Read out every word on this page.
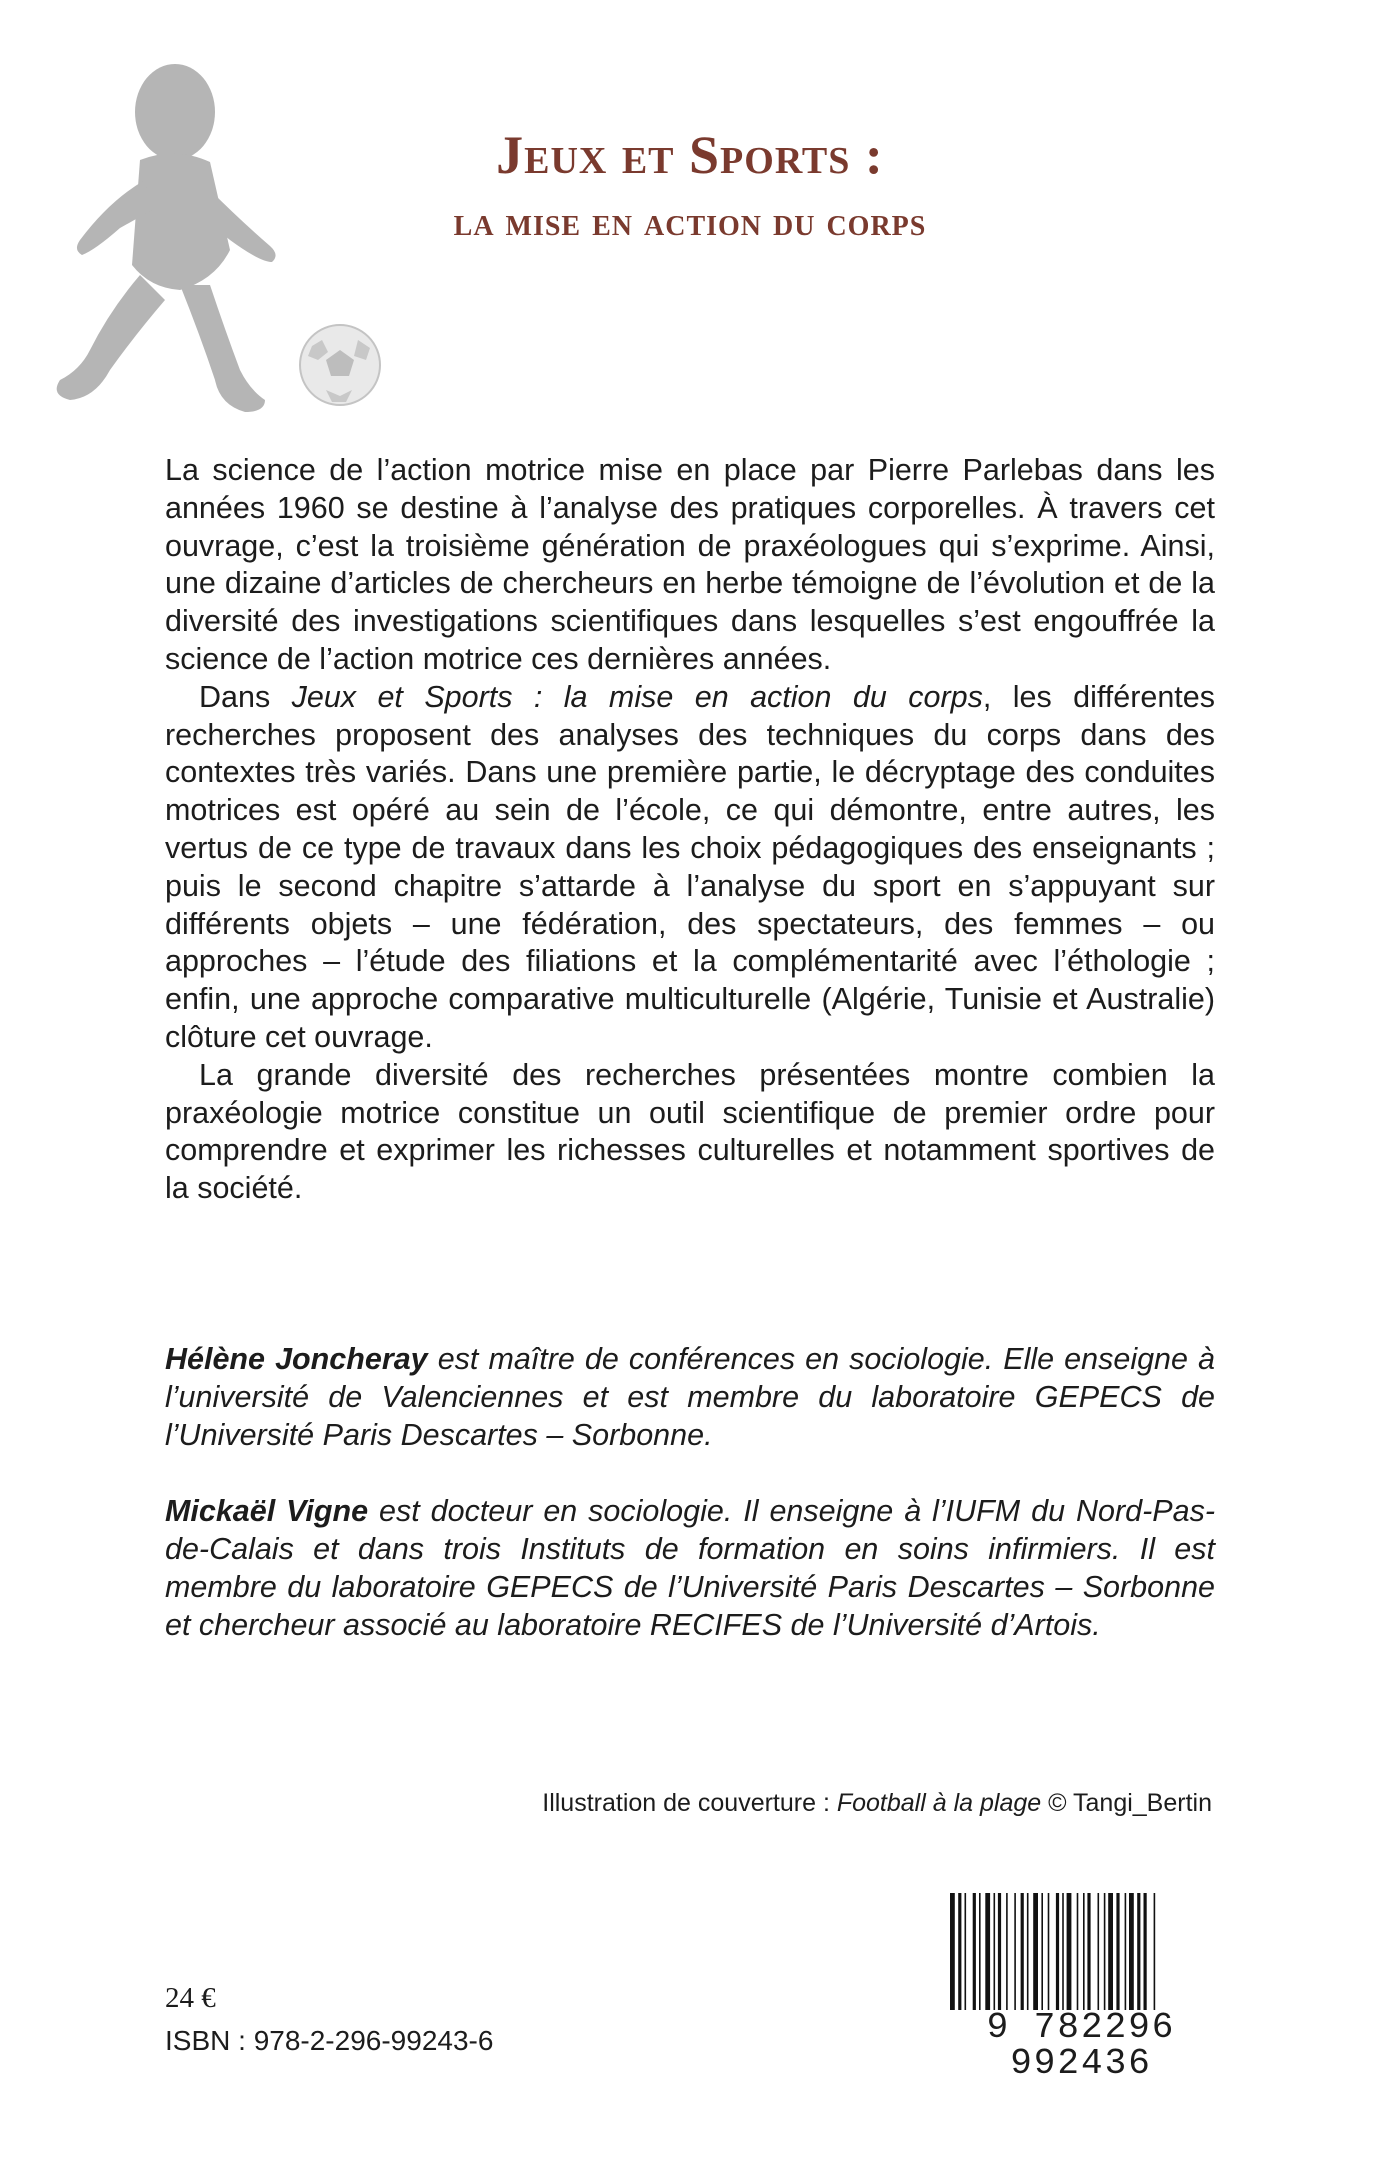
Jeux et Sports :
la mise en action du corps

La science de l’action motrice mise en place par Pierre Parlebas dans les années 1960 se destine à l’analyse des pratiques corporelles. À travers cet ouvrage, c’est la troisième génération de praxéologues qui s’exprime. Ainsi, une dizaine d’articles de chercheurs en herbe témoigne de l’évolution et de la diversité des investigations scientifiques dans lesquelles s’est engouffrée la science de l’action motrice ces dernières années.

Dans Jeux et Sports : la mise en action du corps, les différentes recherches proposent des analyses des techniques du corps dans des contextes très variés. Dans une première partie, le décryptage des conduites motrices est opéré au sein de l’école, ce qui démontre, entre autres, les vertus de ce type de travaux dans les choix pédagogiques des enseignants ; puis le second chapitre s’attarde à l’analyse du sport en s’appuyant sur différents objets – une fédération, des spectateurs, des femmes – ou approches – l’étude des filiations et la complémentarité avec l’éthologie ; enfin, une approche comparative multiculturelle (Algérie, Tunisie et Australie) clôture cet ouvrage.

La grande diversité des recherches présentées montre combien la praxéologie motrice constitue un outil scientifique de premier ordre pour comprendre et exprimer les richesses culturelles et notamment sportives de la société.

Hélène Joncheray est maître de conférences en sociologie. Elle enseigne à l’université de Valenciennes et est membre du laboratoire GEPECS de l’Université Paris Descartes – Sorbonne.

Mickaël Vigne est docteur en sociologie. Il enseigne à l’IUFM du Nord-Pas-de-Calais et dans trois Instituts de formation en soins infirmiers. Il est membre du laboratoire GEPECS de l’Université Paris Descartes – Sorbonne et chercheur associé au laboratoire RECIFES de l’Université d’Artois.

Illustration de couverture : Football à la plage © Tangi_Bertin
24 €
ISBN : 978-2-296-99243-6	9 782296 992436
